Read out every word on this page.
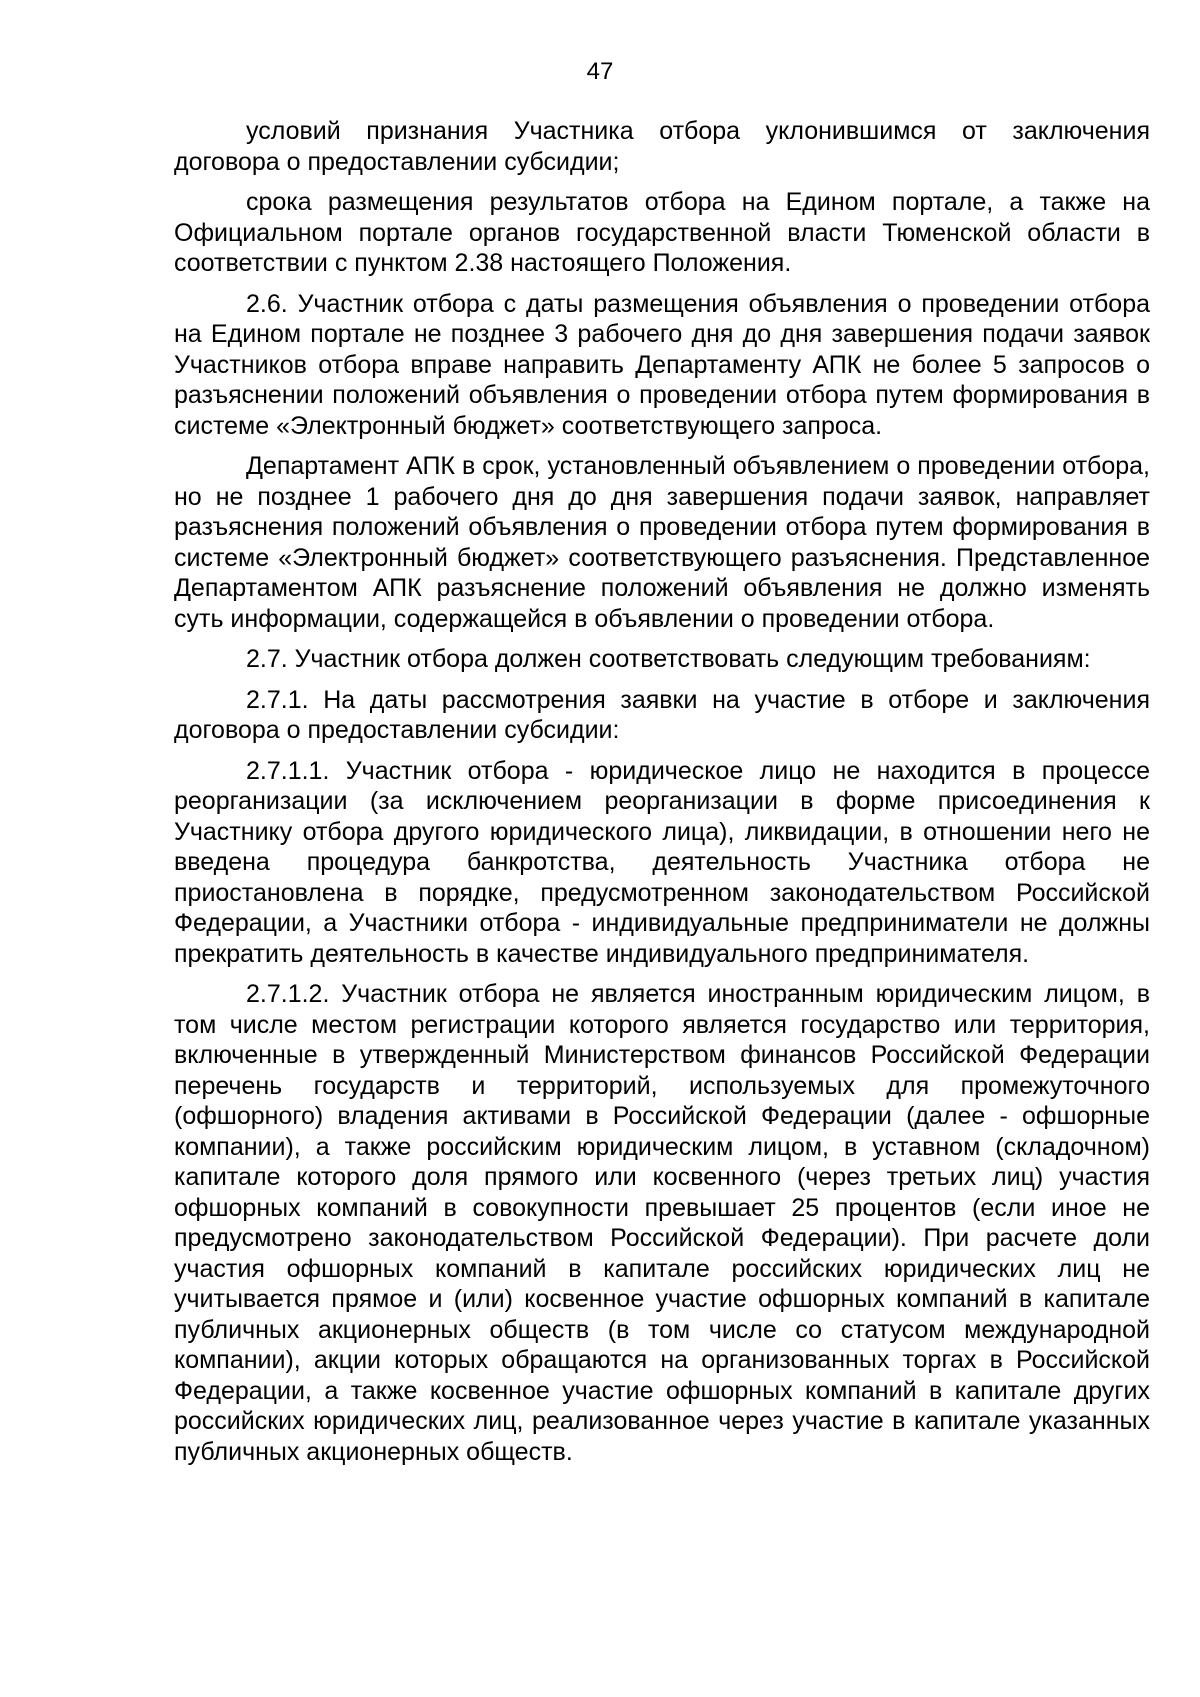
47

условий признания Участника отбора уклонившимся от заключения договора о предоставлении субсидии;

срока размещения результатов отбора на Едином портале, а также на Официальном портале органов государственной власти Тюменской области в соответствии с пунктом 2.38 настоящего Положения.

2.6. Участник отбора с даты размещения объявления о проведении отбора на Едином портале не позднее 3 рабочего дня до дня завершения подачи заявок Участников отбора вправе направить Департаменту АПК не более 5 запросов о разъяснении положений объявления о проведении отбора путем формирования в системе «Электронный бюджет» соответствующего запроса.

Департамент АПК в срок, установленный объявлением о проведении отбора, но не позднее 1 рабочего дня до дня завершения подачи заявок, направляет разъяснения положений объявления о проведении отбора путем формирования в системе «Электронный бюджет» соответствующего разъяснения. Представленное Департаментом АПК разъяснение положений объявления не должно изменять суть информации, содержащейся в объявлении о проведении отбора.

2.7. Участник отбора должен соответствовать следующим требованиям:

2.7.1. На даты рассмотрения заявки на участие в отборе и заключения договора о предоставлении субсидии:

2.7.1.1. Участник отбора - юридическое лицо не находится в процессе реорганизации (за исключением реорганизации в форме присоединения к Участнику отбора другого юридического лица), ликвидации, в отношении него не введена процедура банкротства, деятельность Участника отбора не приостановлена в порядке, предусмотренном законодательством Российской Федерации, а Участники отбора - индивидуальные предприниматели не должны прекратить деятельность в качестве индивидуального предпринимателя.

2.7.1.2. Участник отбора не является иностранным юридическим лицом, в том числе местом регистрации которого является государство или территория, включенные в утвержденный Министерством финансов Российской Федерации перечень государств и территорий, используемых для промежуточного (офшорного) владения активами в Российской Федерации (далее - офшорные компании), а также российским юридическим лицом, в уставном (складочном) капитале которого доля прямого или косвенного (через третьих лиц) участия офшорных компаний в совокупности превышает 25 процентов (если иное не предусмотрено законодательством Российской Федерации). При расчете доли участия офшорных компаний в капитале российских юридических лиц не учитывается прямое и (или) косвенное участие офшорных компаний в капитале публичных акционерных обществ (в том числе со статусом международной компании), акции которых обращаются на организованных торгах в Российской Федерации, а также косвенное участие офшорных компаний в капитале других российских юридических лиц, реализованное через участие в капитале указанных публичных акционерных обществ.
